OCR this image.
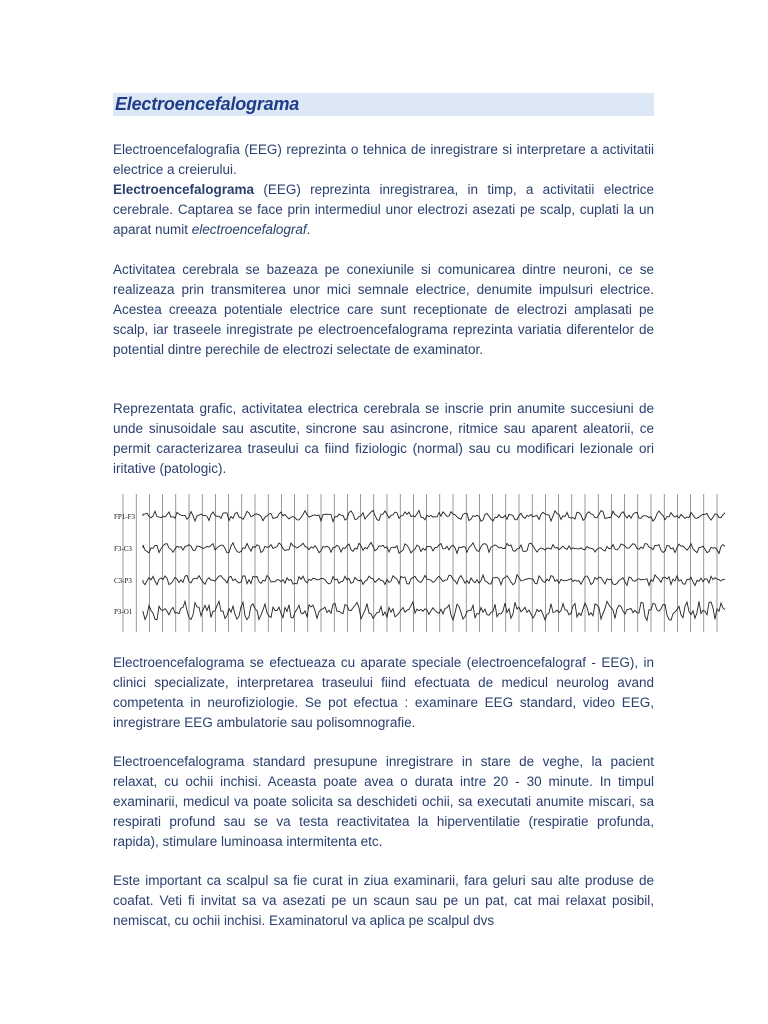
Electroencefalograma

Electroencefalografia (EEG) reprezinta o tehnica de inregistrare si interpretare a activitatii electrice a creierului.
Electroencefalograma (EEG) reprezinta inregistrarea, in timp, a activitatii electrice cerebrale. Captarea se face prin intermediul unor electrozi asezati pe scalp, cuplati la un aparat numit electroencefalograf.

Activitatea cerebrala se bazeaza pe conexiunile si comunicarea dintre neuroni, ce se realizeaza prin transmiterea unor mici semnale electrice, denumite impulsuri electrice. Acestea creeaza potentiale electrice care sunt receptionate de electrozi amplasati pe scalp, iar traseele inregistrate pe electroencefalograma reprezinta variatia diferentelor de potential dintre perechile de electrozi selectate de examinator.

Reprezentata grafic, activitatea electrica cerebrala se inscrie prin anumite succesiuni de unde sinusoidale sau ascutite, sincrone sau asincrone, ritmice sau aparent aleatorii, ce permit caracterizarea traseului ca fiind fiziologic (normal) sau cu modificari lezionale ori iritative (patologic).

FP1-F3
F3-C3
C3-P3
P3-O1

Electroencefalograma se efectueaza cu aparate speciale (electroencefalograf - EEG), in clinici specializate, interpretarea traseului fiind efectuata de medicul neurolog avand competenta in neurofiziologie. Se pot efectua : examinare EEG standard, video EEG, inregistrare EEG ambulatorie sau polisomnografie.

Electroencefalograma standard presupune inregistrare in stare de veghe, la pacient relaxat, cu ochii inchisi. Aceasta poate avea o durata intre 20 - 30 minute. In timpul examinarii, medicul va poate solicita sa deschideti ochii, sa executati anumite miscari, sa respirati profund sau se va testa reactivitatea la hiperventilatie (respiratie profunda, rapida), stimulare luminoasa intermitenta etc.

Este important ca scalpul sa fie curat in ziua examinarii, fara geluri sau alte produse de coafat. Veti fi invitat sa va asezati pe un scaun sau pe un pat, cat mai relaxat posibil, nemiscat, cu ochii inchisi. Examinatorul va aplica pe scalpul dvs
